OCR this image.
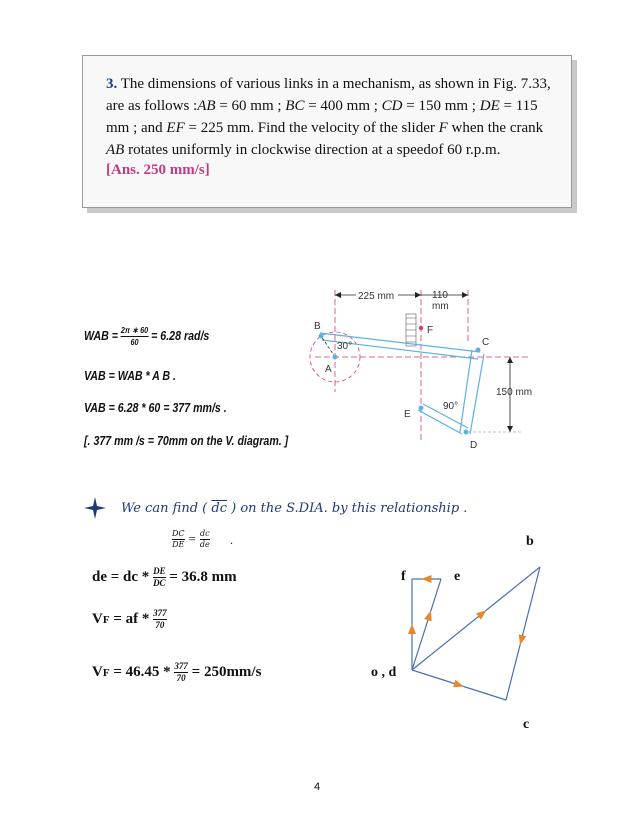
3. The dimensions of various links in a mechanism, as shown in Fig. 7.33, are as follows :AB = 60 mm ; BC = 400 mm ; CD = 150 mm ; DE = 115 mm ; and EF = 225 mm. Find the velocity of the slider F when the crank AB rotates uniformly in clockwise direction at a speedof 60 r.p.m.
[Ans. 250 mm/s]
WAB = $\frac{2\pi ∗ 60}{60} = 6.28$ rad/s
VAB = WAB * A B .
VAB = 6.28 * 60 = 377 mm/s .
[. 377 mm /s = 70mm on the V. diagram. ]
225 mm	110
mm
F
B
A
30°	C
E
D
90°
150 mm
We can find ( $\overline{dc}$ ) on the S.DIA. by this relationship .
$\frac{DC}{DE} = \frac{dc}{de}$ .
de = dc * $\frac{DE}{DC} = 36.8$ mm
VF = af * $\frac{377}{70}$
VF = $46.45 * \frac{377}{70} = 250mm/s$
b
f	e
o , d
c
4
